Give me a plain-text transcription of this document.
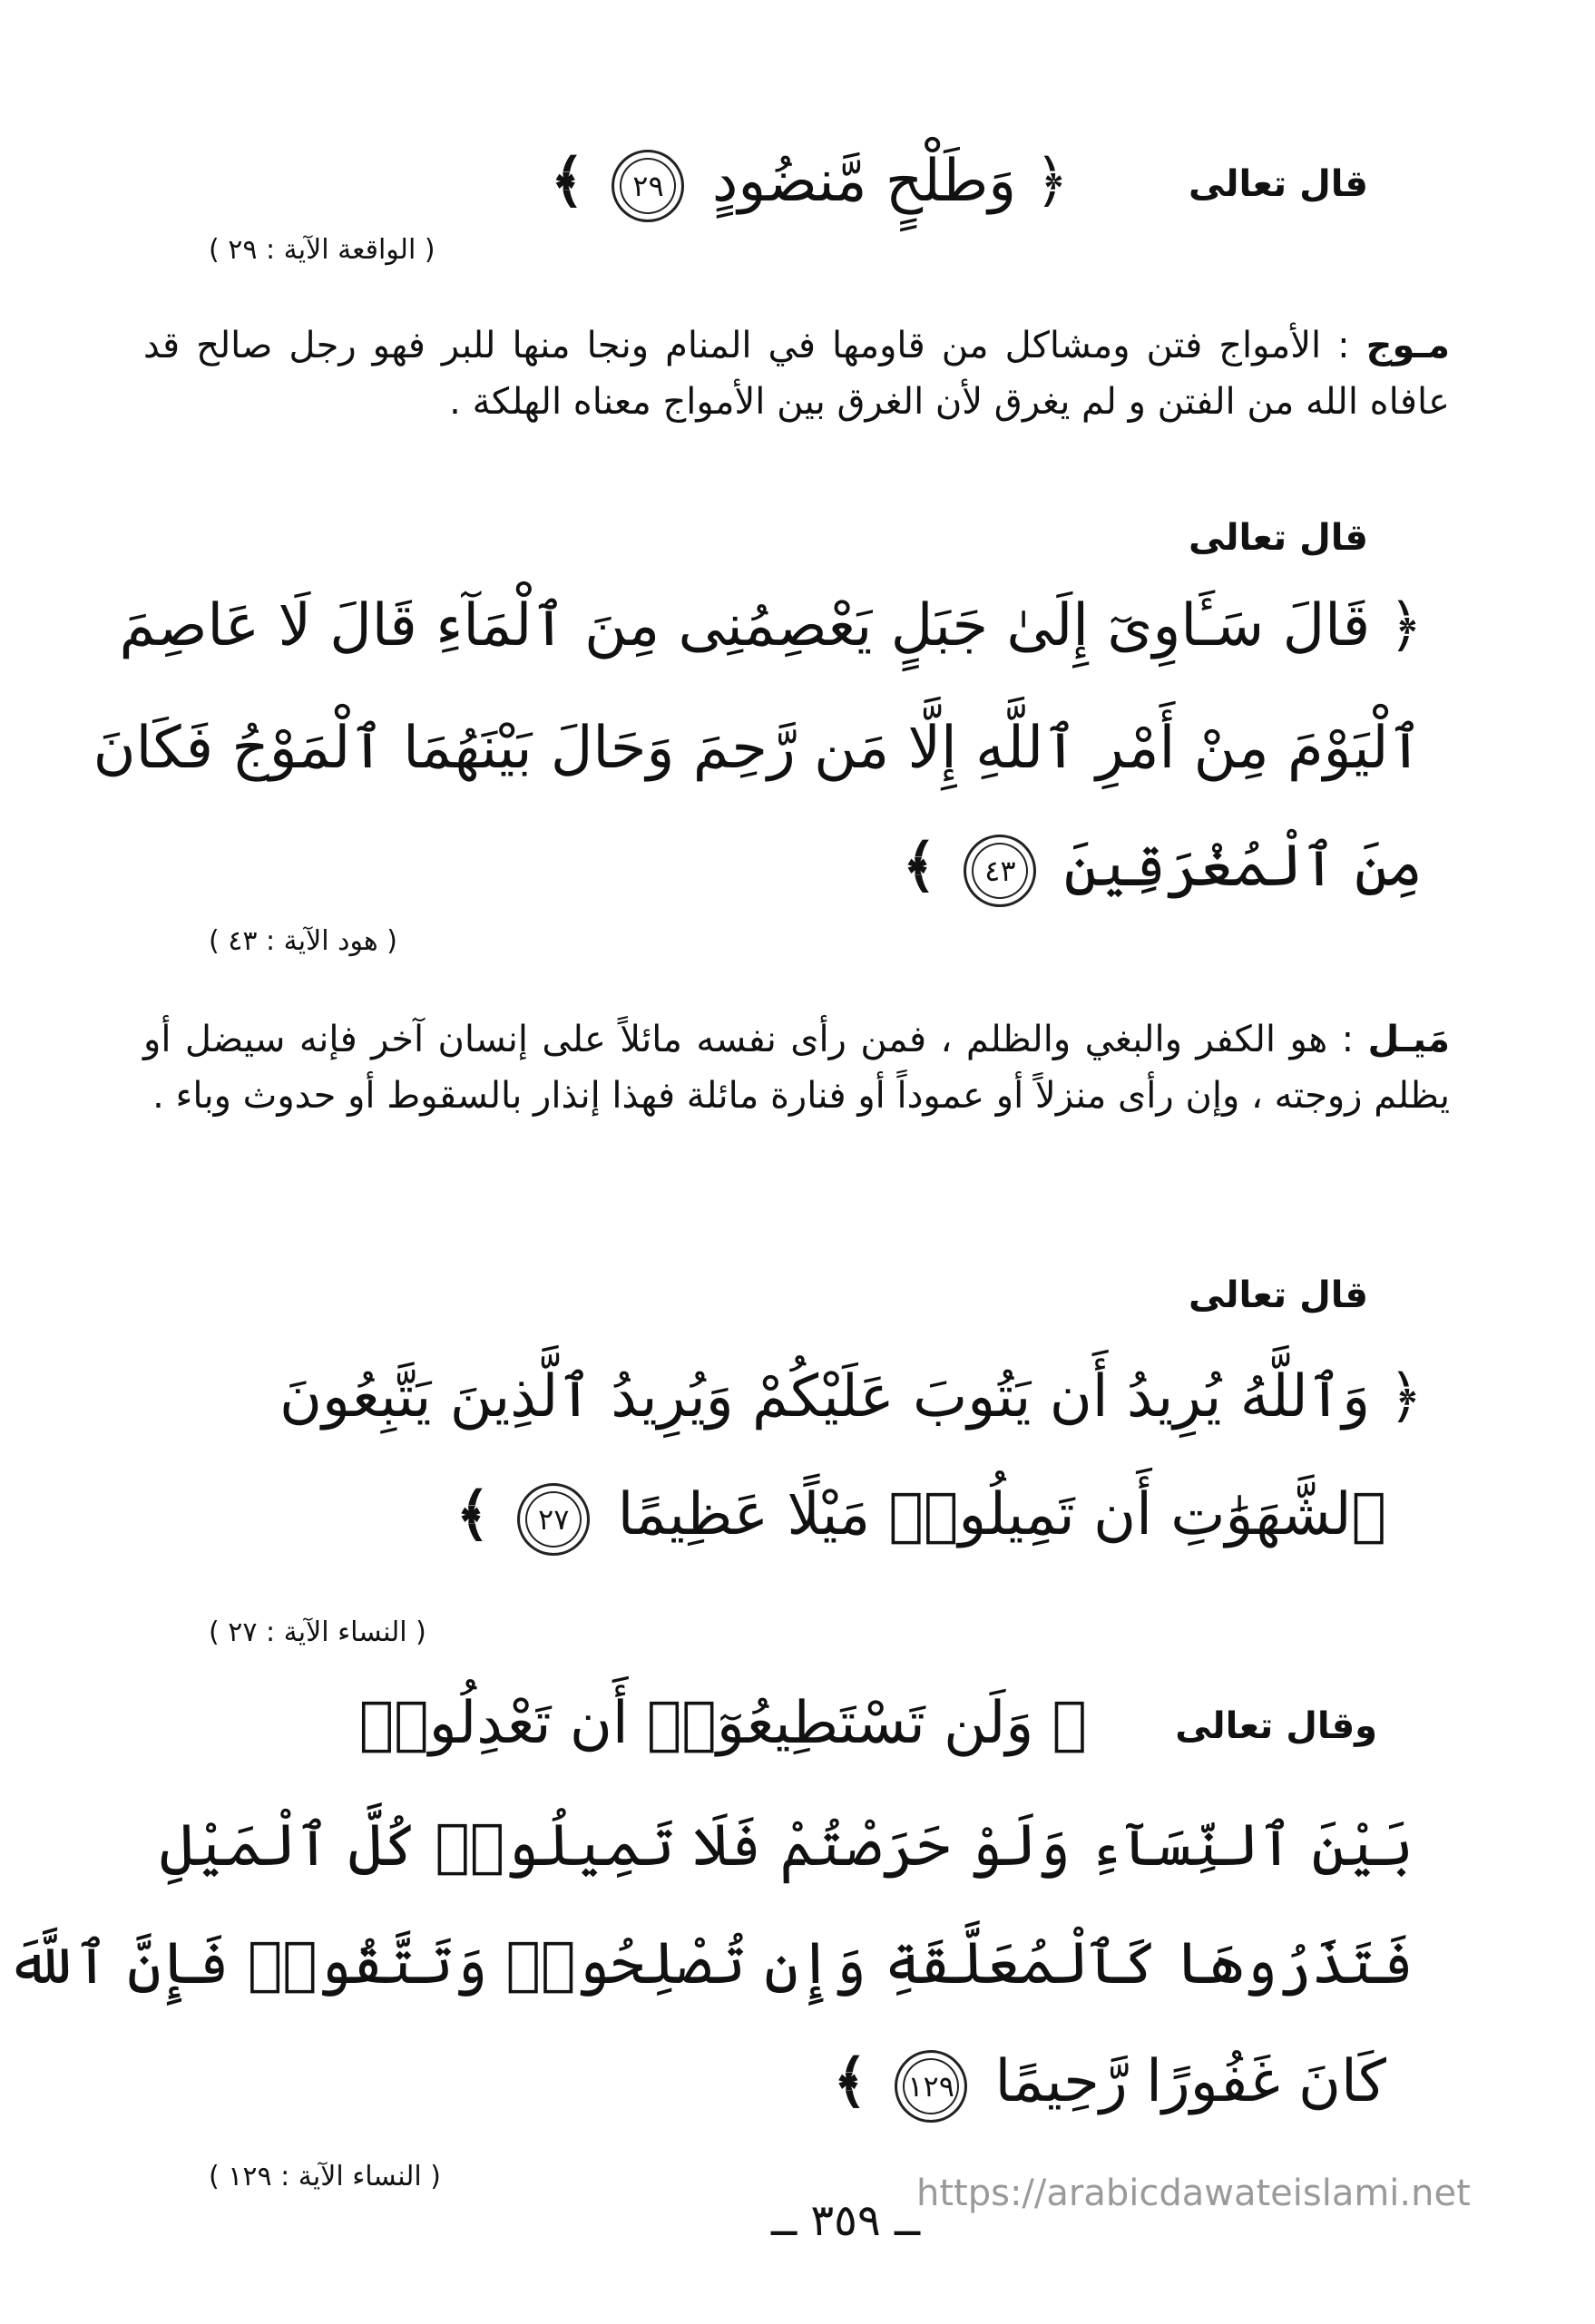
قال تعالى
﴿ وَطَلْحٍ مَّنضُودٍ ٢٩ ﴾
( الواقعة الآية : ٢٩ )
مـوج : الأمواج فتن ومشاكل من قاومها في المنام ونجا منها للبر فهو رجل صالح قد عافاه الله من الفتن و لم يغرق لأن الغرق بين الأمواج معناه الهلكة .
قال تعالى
﴿ قَالَ سَـَٔاوِىٓ إِلَىٰ جَبَلٍ يَعْصِمُنِى مِنَ ٱلْمَآءِ قَالَ لَا عَاصِمَ
ٱلْيَوْمَ مِنْ أَمْرِ ٱللَّهِ إِلَّا مَن رَّحِمَ وَحَالَ بَيْنَهُمَا ٱلْمَوْجُ فَكَانَ
مِنَ ٱلْمُغْرَقِينَ ٤٣ ﴾
( هود الآية : ٤٣ )
مَيـل : هو الكفر والبغي والظلم ، فمن رأى نفسه مائلاً على إنسان آخر فإنه سيضل أو يظلم زوجته ، وإن رأى منزلاً أو عموداً أو فنارة مائلة فهذا إنذار بالسقوط أو حدوث وباء .
قال تعالى
﴿ وَٱللَّهُ يُرِيدُ أَن يَتُوبَ عَلَيْكُمْ وَيُرِيدُ ٱلَّذِينَ يَتَّبِعُونَ
ٱلشَّهَوَٰتِ أَن تَمِيلُوا۟ مَيْلًا عَظِيمًا ٢٧ ﴾
( النساء الآية : ٢٧ )
وقال تعالى
﴿ وَلَن تَسْتَطِيعُوٓا۟ أَن تَعْدِلُوا۟
بَيْنَ ٱلنِّسَآءِ وَلَوْ حَرَصْتُمْ فَلَا تَمِيلُوا۟ كُلَّ ٱلْمَيْلِ
فَتَذَرُوهَا كَٱلْمُعَلَّقَةِ وَإِن تُصْلِحُوا۟ وَتَتَّقُوا۟ فَإِنَّ ٱللَّهَ
كَانَ غَفُورًا رَّحِيمًا ١٢٩ ﴾
( النساء الآية : ١٢٩ )
ــ ٣٥٩ ــ
https://arabicdawateislami.net
